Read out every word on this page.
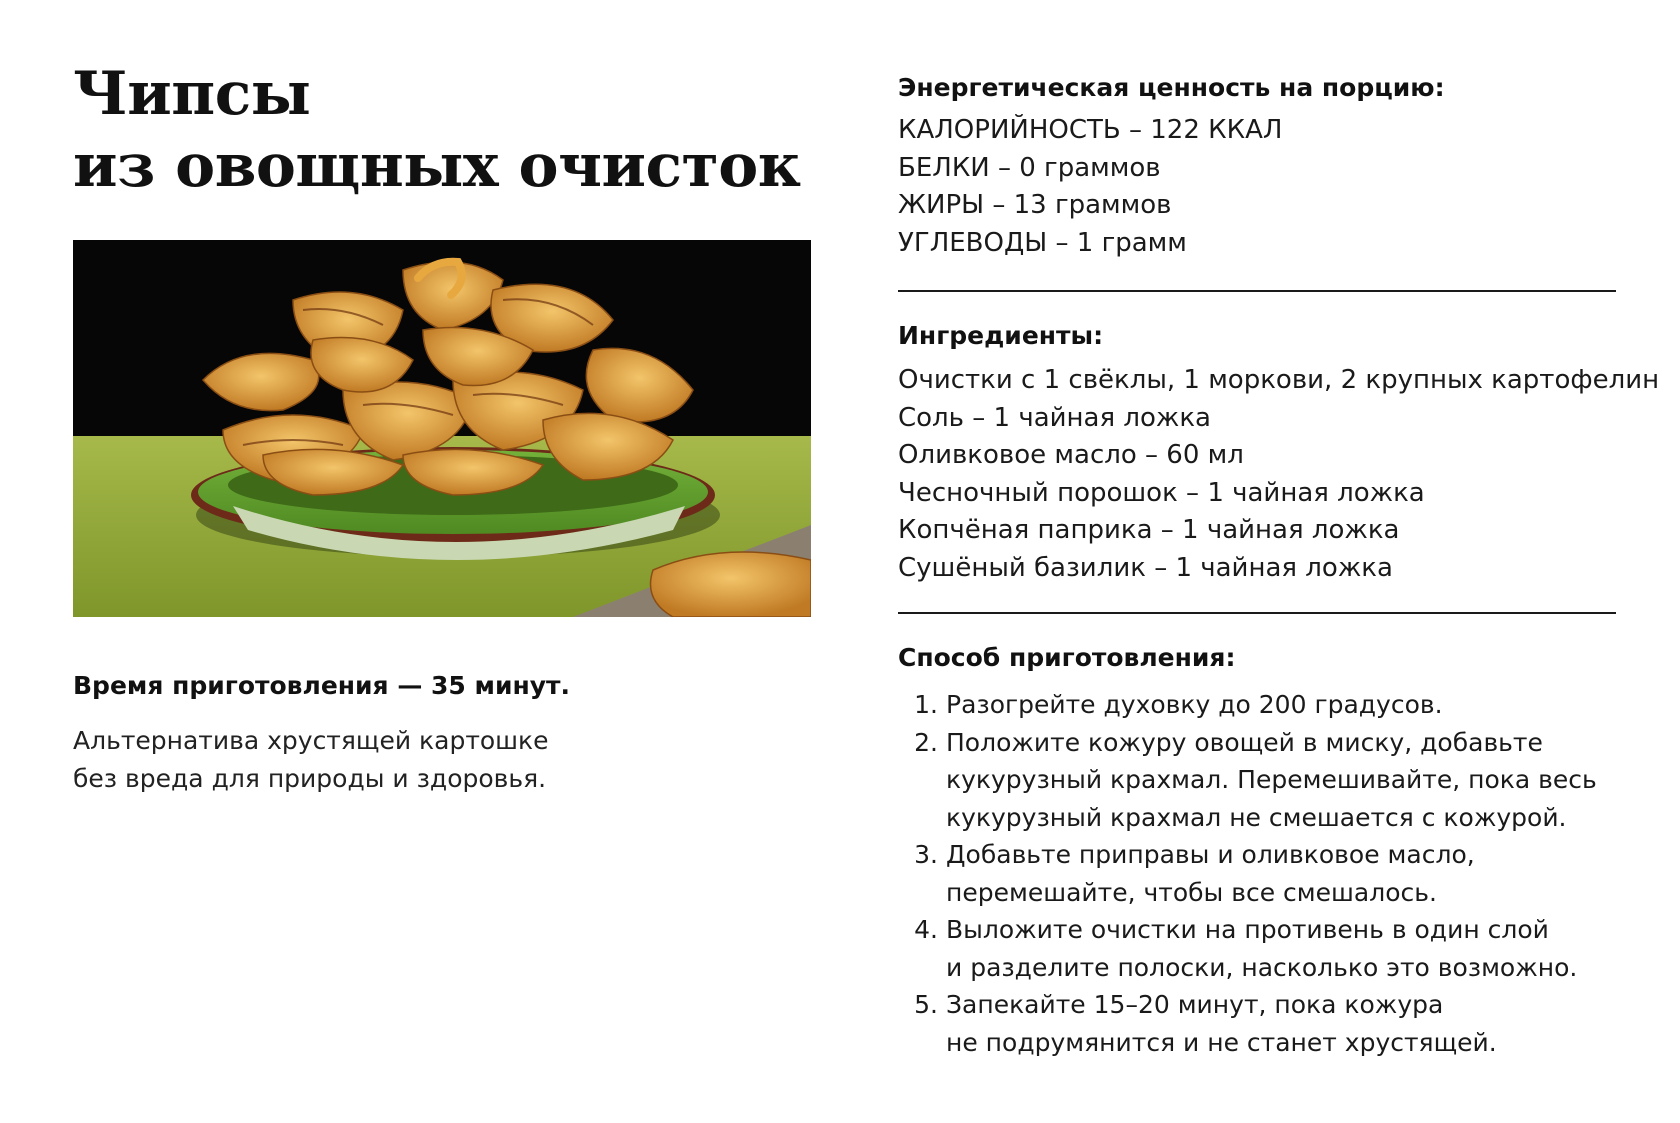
Чипсы
из овощных очисток

Время приготовления — 35 минут.

Альтернатива хрустящей картошке
без вреда для природы и здоровья.

Энергетическая ценность на порцию:
КАЛОРИЙНОСТЬ – 122 ККАЛ
БЕЛКИ – 0 граммов
ЖИРЫ – 13 граммов
УГЛЕВОДЫ – 1 грамм
Ингредиенты:
Очистки с 1 свёклы, 1 моркови, 2 крупных картофелин
Соль – 1 чайная ложка
Оливковое масло – 60 мл
Чесночный порошок – 1 чайная ложка
Копчёная паприка – 1 чайная ложка
Сушёный базилик – 1 чайная ложка
Способ приготовления:
1. Разогрейте духовку до 200 градусов.
2. Положите кожуру овощей в миску, добавьте
кукурузный крахмал. Перемешивайте, пока весь
кукурузный крахмал не смешается с кожурой.
3. Добавьте приправы и оливковое масло,
перемешайте, чтобы все смешалось.
4. Выложите очистки на противень в один слой
и разделите полоски, насколько это возможно.
5. Запекайте 15–20 минут, пока кожура
не подрумянится и не станет хрустящей.
